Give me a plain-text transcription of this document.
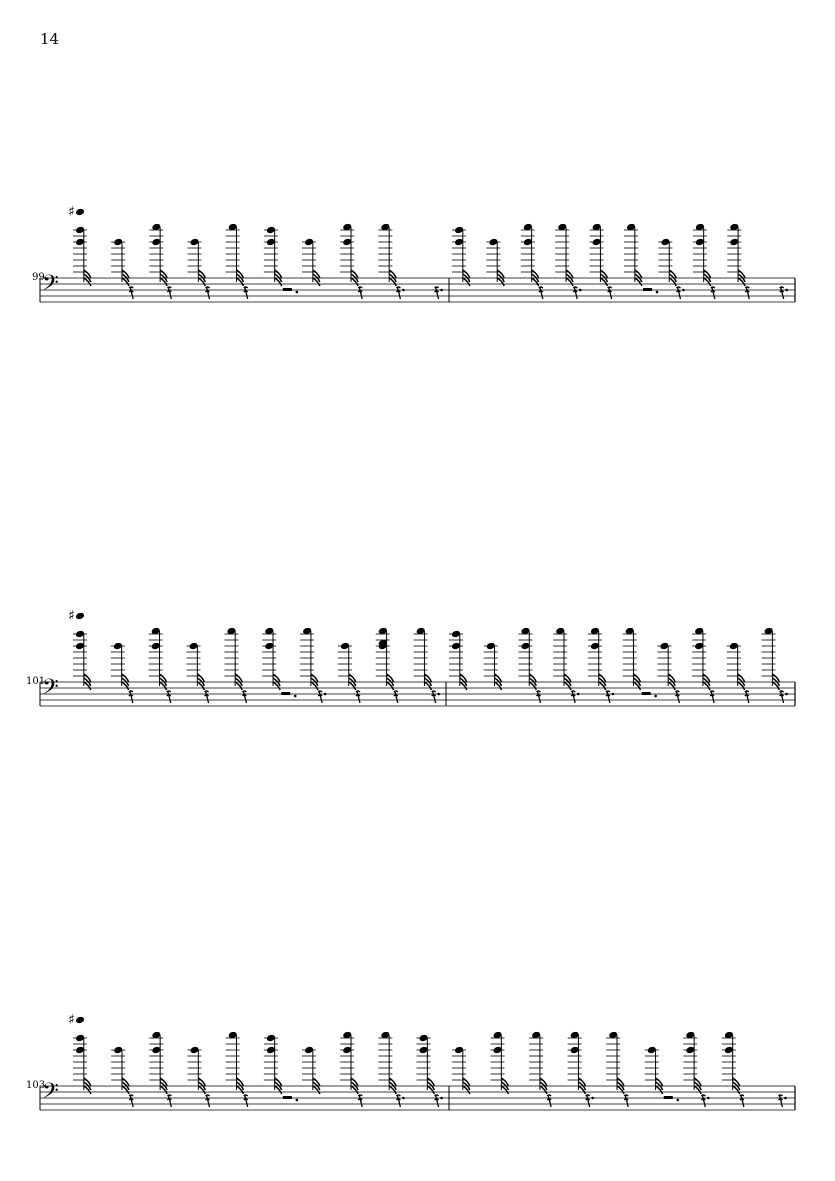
14
99
101
103
𝄢
♯
𝄢
♯
𝄢
♯
